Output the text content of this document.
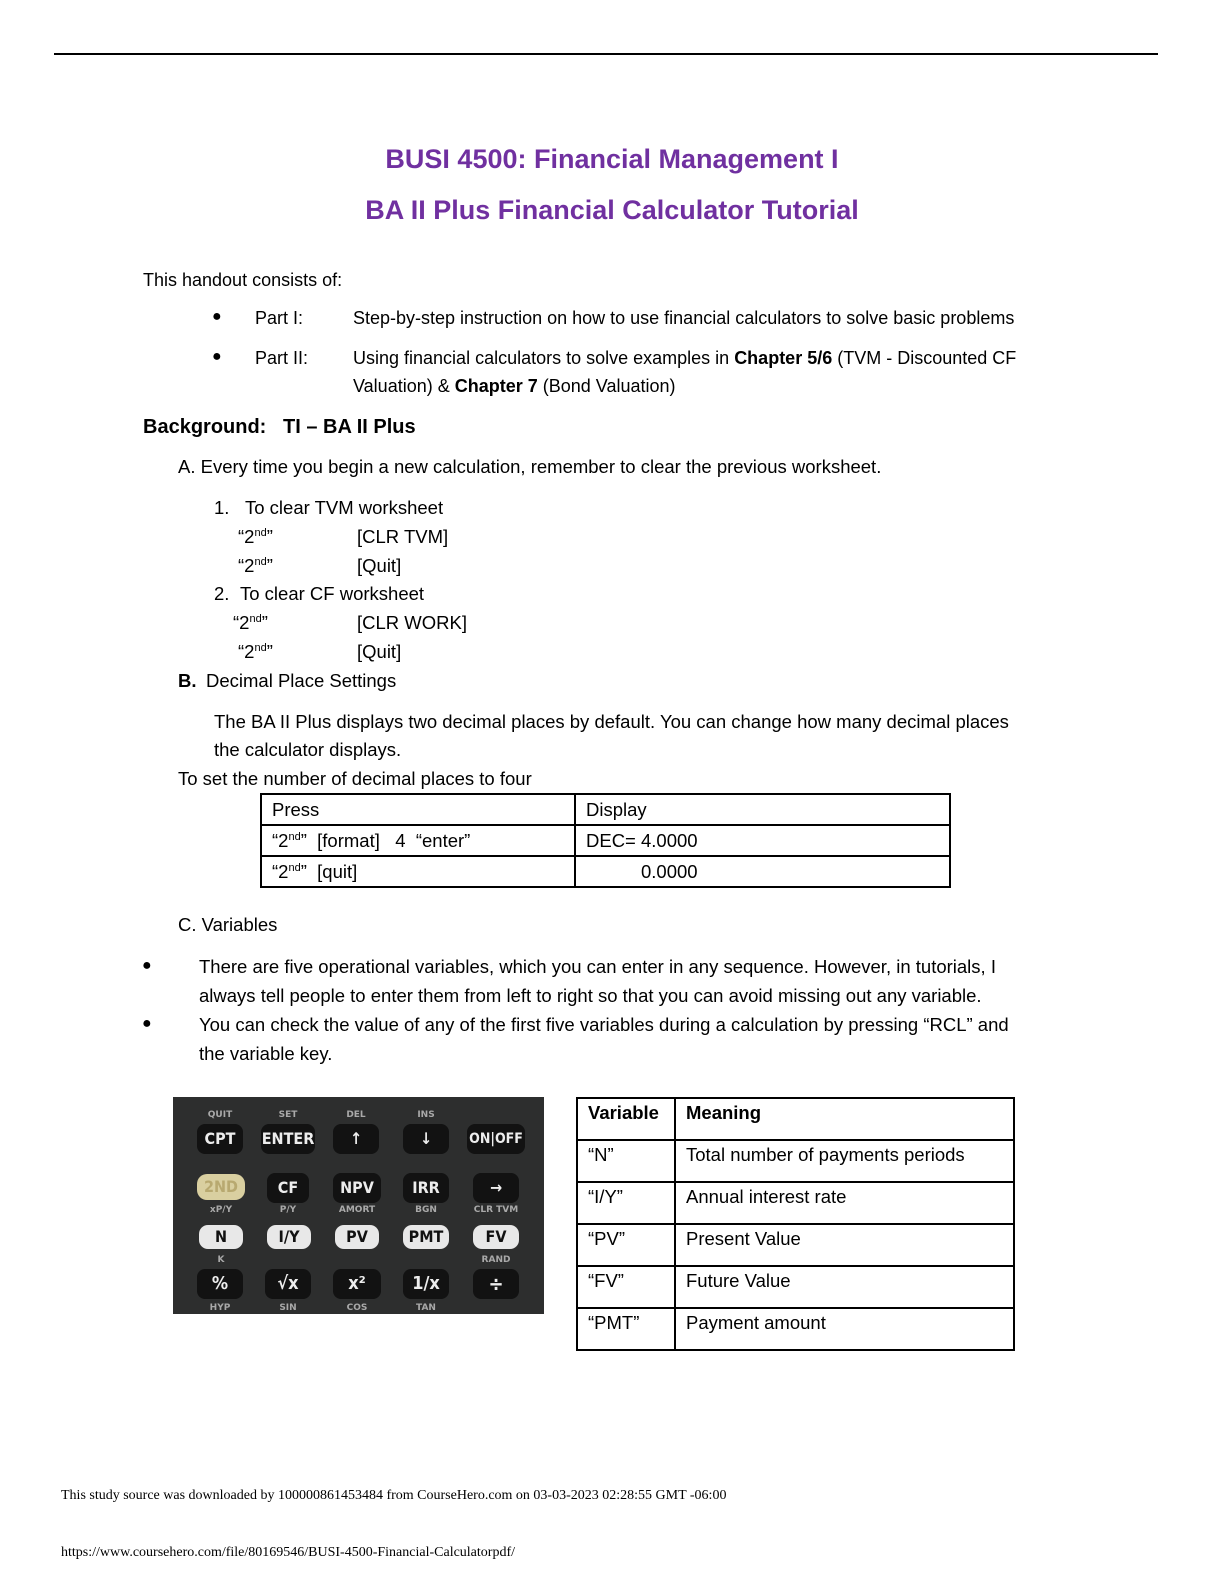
BUSI 4500: Financial Management I
BA II Plus Financial Calculator Tutorial
This handout consists of:
● Part I:	Step-by-step instruction on how to use financial calculators to solve basic problems
● Part II: Using financial calculators to solve examples in Chapter 5/6 (TVM - Discounted CF
Valuation) & Chapter 7 (Bond Valuation)
Background:   TI – BA II Plus
A. Every time you begin a new calculation, remember to clear the previous worksheet.
1. To clear TVM worksheet
“2nd”	[CLR TVM]
“2nd”	[Quit]
2. To clear CF worksheet
“2nd”	[CLR WORK]
“2nd”	[Quit]
B. Decimal Place Settings
The BA II Plus displays two decimal places by default. You can change how many decimal places
the calculator displays.
To set the number of decimal places to four
Press	Display
“2nd”  [format]   4  “enter”	DEC= 4.0000
“2nd”  [quit]	0.0000
C. Variables
●	There are five operational variables, which you can enter in any sequence. However, in tutorials, I
always tell people to enter them from left to right so that you can avoid missing out any variable.
●	You can check the value of any of the first five variables during a calculation by pressing “RCL” and
the variable key.
QUIT	SET	DEL	INS
CPT	ENTER	↑	↓	ON|OFF
2ND	CF	NPV	IRR	→
xP/Y	P/Y	AMORT	BGN	CLR TVM
N	I/Y	PV	PMT	FV
K	RAND
%	√x	x²	1/x	÷
HYP	SIN	COS	TAN
Variable	Meaning
“N”	Total number of payments periods
“I/Y”	Annual interest rate
“PV”	Present Value
“FV”	Future Value
“PMT”	Payment amount
This study source was downloaded by 100000861453484 from CourseHero.com on 03-03-2023 02:28:55 GMT -06:00
https://www.coursehero.com/file/80169546/BUSI-4500-Financial-Calculatorpdf/
